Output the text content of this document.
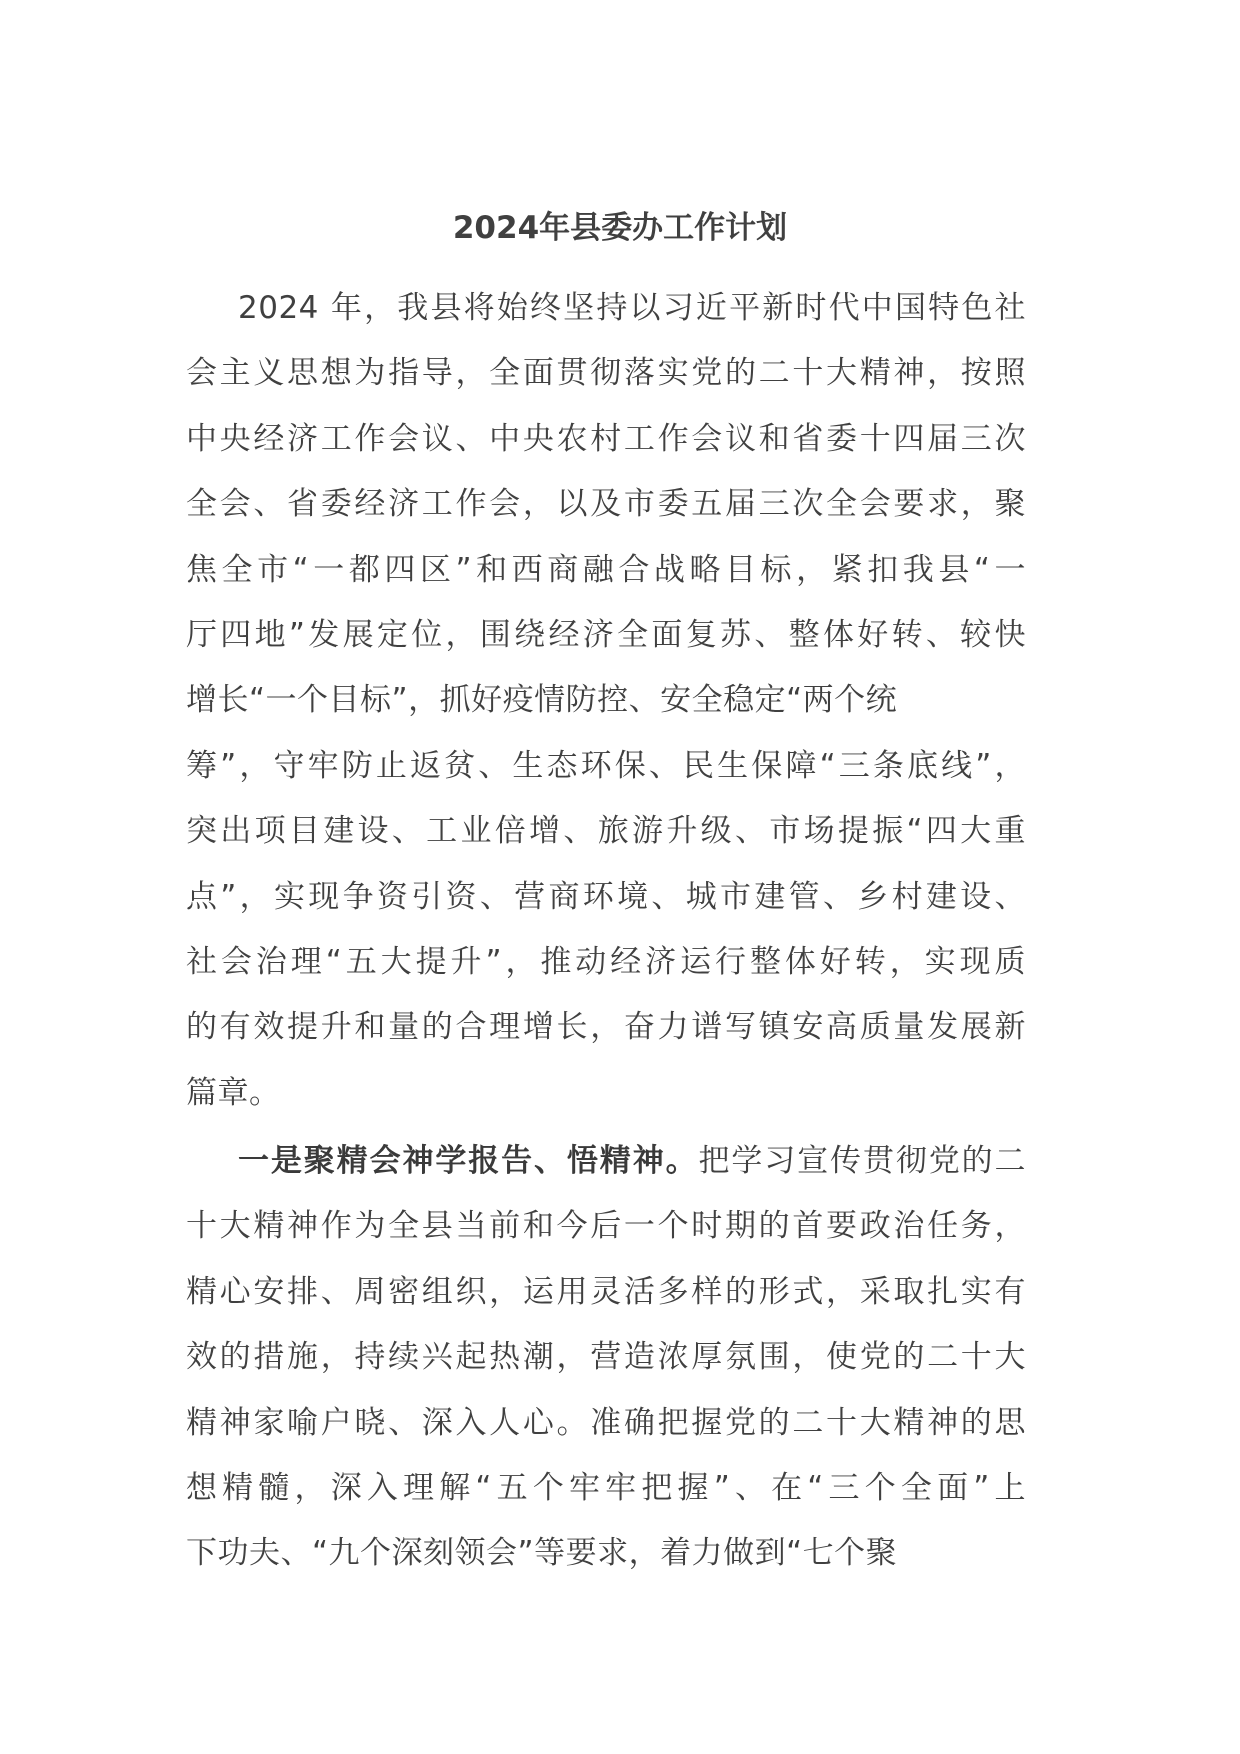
2024年县委办工作计划
2024 年，我县将始终坚持以习近平新时代中国特色社
会主义思想为指导，全面贯彻落实党的二十大精神，按照
中央经济工作会议、中央农村工作会议和省委十四届三次
全会、省委经济工作会，以及市委五届三次全会要求，聚
焦全市“一都四区”和西商融合战略目标，紧扣我县“一
厅四地”发展定位，围绕经济全面复苏、整体好转、较快
增长“一个目标”，抓好疫情防控、安全稳定“两个统
筹”，守牢防止返贫、生态环保、民生保障“三条底线”，
突出项目建设、工业倍增、旅游升级、市场提振“四大重
点”，实现争资引资、营商环境、城市建管、乡村建设、
社会治理“五大提升”，推动经济运行整体好转，实现质
的有效提升和量的合理增长，奋力谱写镇安高质量发展新
篇章。
一是聚精会神学报告、悟精神。把学习宣传贯彻党的二
十大精神作为全县当前和今后一个时期的首要政治任务，
精心安排、周密组织，运用灵活多样的形式，采取扎实有
效的措施，持续兴起热潮，营造浓厚氛围，使党的二十大
精神家喻户晓、深入人心。准确把握党的二十大精神的思
想精髓，深入理解“五个牢牢把握”、在“三个全面”上
下功夫、“九个深刻领会”等要求，着力做到“七个聚
